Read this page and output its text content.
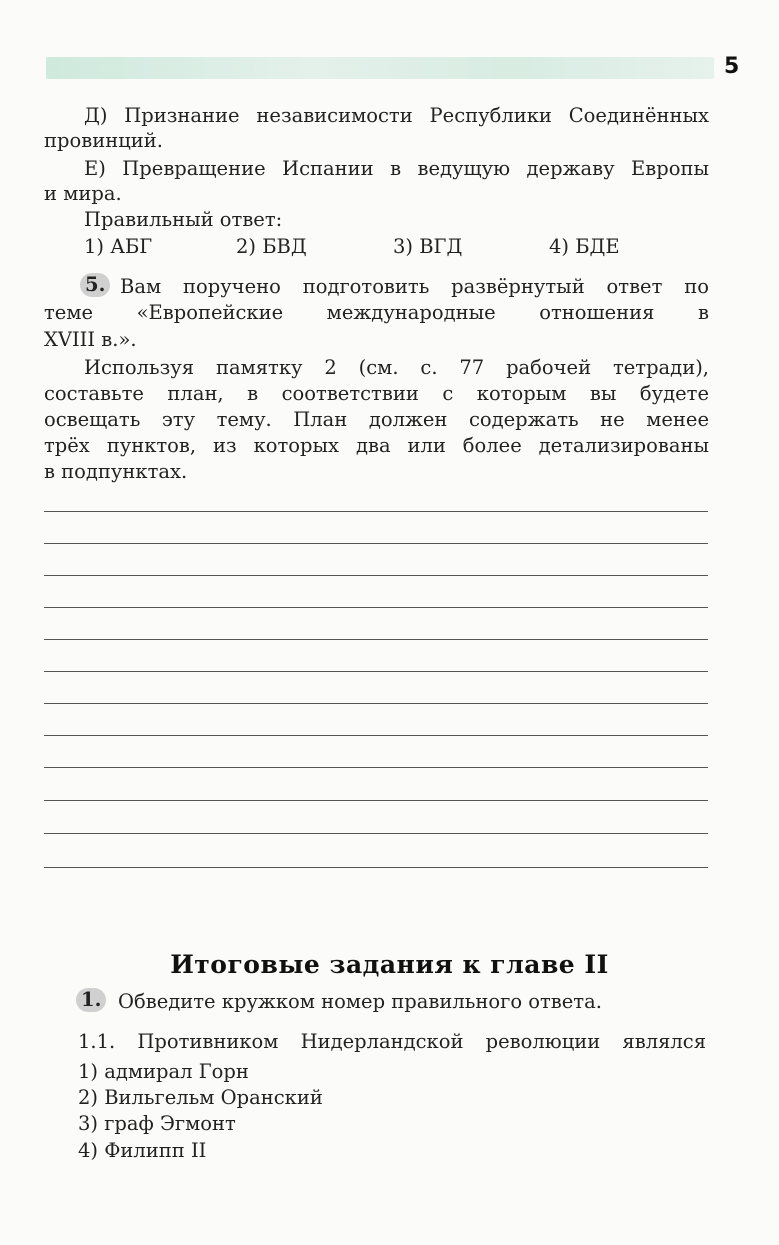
5
Д) Признание независимости Республики Соединённых
провинций.
Е) Превращение Испании в ведущую державу Европы
и мира.
Правильный ответ:
1) АБГ	2) БВД	3) ВГД	4) БДЕ
5. Вам поручено подготовить развёрнутый ответ по
теме «Европейские международные отношения в
XVIII в.».
Используя памятку 2 (см. с. 77 рабочей тетради),
составьте план, в соответствии с которым вы будете
освещать эту тему. План должен содержать не менее
трёх пунктов, из которых два или более детализированы
в подпунктах.
Итоговые задания к главе II
1. Обведите кружком номер правильного ответа.
1.1. Противником Нидерландской революции являлся
1) адмирал Горн
2) Вильгельм Оранский
3) граф Эгмонт
4) Филипп II
